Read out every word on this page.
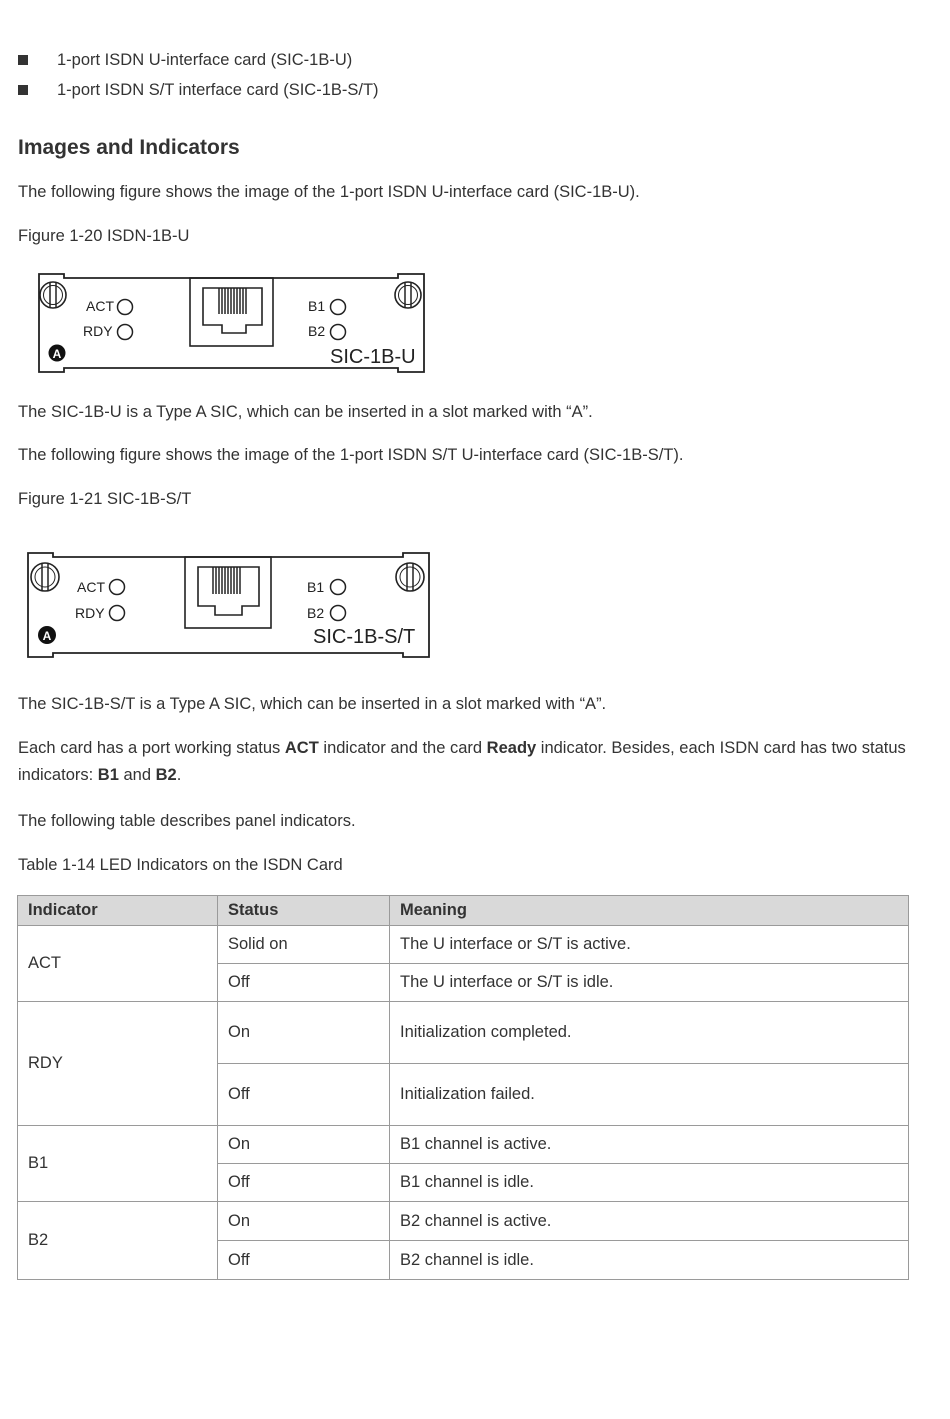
1-port ISDN U-interface card (SIC-1B-U)
1-port ISDN S/T interface card (SIC-1B-S/T)
Images and Indicators
The following figure shows the image of the 1-port ISDN U-interface card (SIC-1B-U).
Figure 1-20 ISDN-1B-U
ACT
RDY
B1
B2
A	SIC-1B-U
The SIC-1B-U is a Type A SIC, which can be inserted in a slot marked with “A”.
The following figure shows the image of the 1-port ISDN S/T U-interface card (SIC-1B-S/T).
Figure 1-21 SIC-1B-S/T
ACT
RDY
B1
B2
A	SIC-1B-S/T
The SIC-1B-S/T is a Type A SIC, which can be inserted in a slot marked with “A”.
Each card has a port working status ACT indicator and the card Ready indicator. Besides, each ISDN card has two status indicators: B1 and B2.
The following table describes panel indicators.
Table 1-14 LED Indicators on the ISDN Card
Indicator	Status	Meaning
ACT	Solid on	The U interface or S/T is active.
	Off	The U interface or S/T is idle.
RDY	On	Initialization completed.
	Off	Initialization failed.
B1	On	B1 channel is active.
	Off	B1 channel is idle.
B2	On	B2 channel is active.
	Off	B2 channel is idle.
